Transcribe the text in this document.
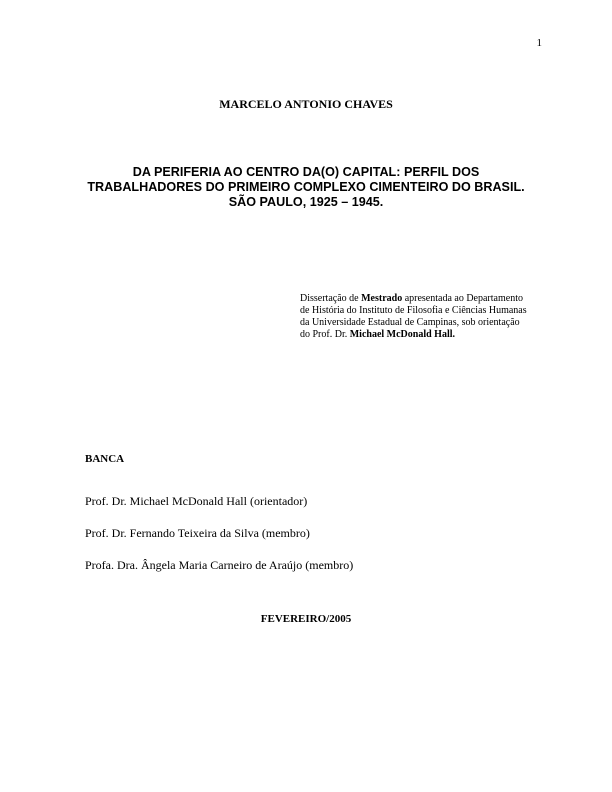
1
MARCELO ANTONIO CHAVES
DA PERIFERIA AO CENTRO DA(O) CAPITAL: PERFIL DOS
TRABALHADORES DO PRIMEIRO COMPLEXO CIMENTEIRO DO BRASIL.
SÃO PAULO, 1925 – 1945.
Dissertação de Mestrado apresentada ao Departamento
de História do Instituto de Filosofia e Ciências Humanas
da Universidade Estadual de Campinas, sob orientação
do Prof. Dr. Michael McDonald Hall.
BANCA
Prof. Dr. Michael McDonald Hall (orientador)
Prof. Dr. Fernando Teixeira da Silva (membro)
Profa. Dra. Ângela Maria Carneiro de Araújo (membro)
FEVEREIRO/2005
